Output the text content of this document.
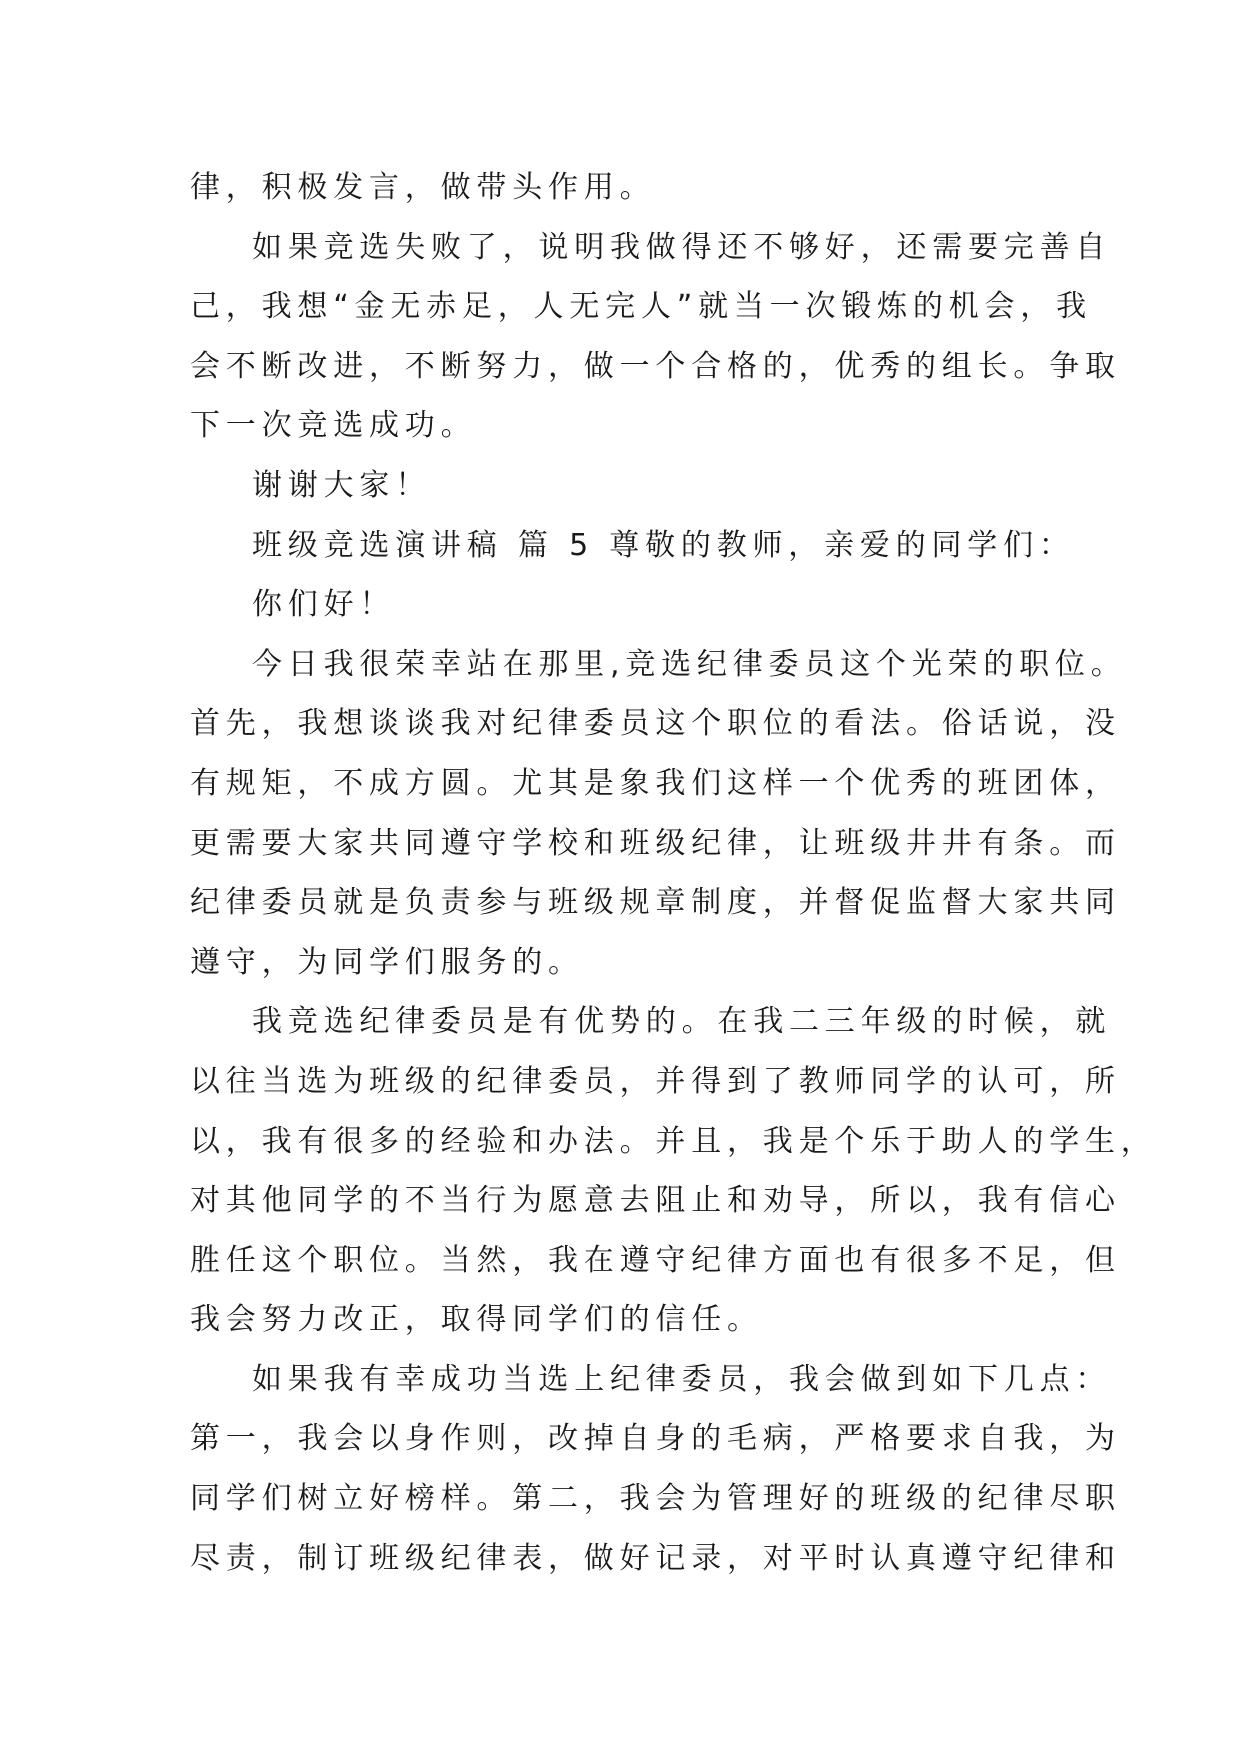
律，积极发言，做带头作用。

如果竞选失败了，说明我做得还不够好，还需要完善自

己，我想“金无赤足，人无完人”就当一次锻炼的机会，我

会不断改进，不断努力，做一个合格的，优秀的组长。争取

下一次竞选成功。

谢谢大家！

班级竞选演讲稿 篇 5 尊敬的教师，亲爱的同学们：

你们好！

今日我很荣幸站在那里,竞选纪律委员这个光荣的职位。

首先，我想谈谈我对纪律委员这个职位的看法。俗话说，没

有规矩，不成方圆。尤其是象我们这样一个优秀的班团体，

更需要大家共同遵守学校和班级纪律，让班级井井有条。而

纪律委员就是负责参与班级规章制度，并督促监督大家共同

遵守，为同学们服务的。

我竞选纪律委员是有优势的。在我二三年级的时候，就

以往当选为班级的纪律委员，并得到了教师同学的认可，所

以，我有很多的经验和办法。并且，我是个乐于助人的学生，

对其他同学的不当行为愿意去阻止和劝导，所以，我有信心

胜任这个职位。当然，我在遵守纪律方面也有很多不足，但

我会努力改正，取得同学们的信任。

如果我有幸成功当选上纪律委员，我会做到如下几点：

第一，我会以身作则，改掉自身的毛病，严格要求自我，为

同学们树立好榜样。第二，我会为管理好的班级的纪律尽职

尽责，制订班级纪律表，做好记录，对平时认真遵守纪律和
